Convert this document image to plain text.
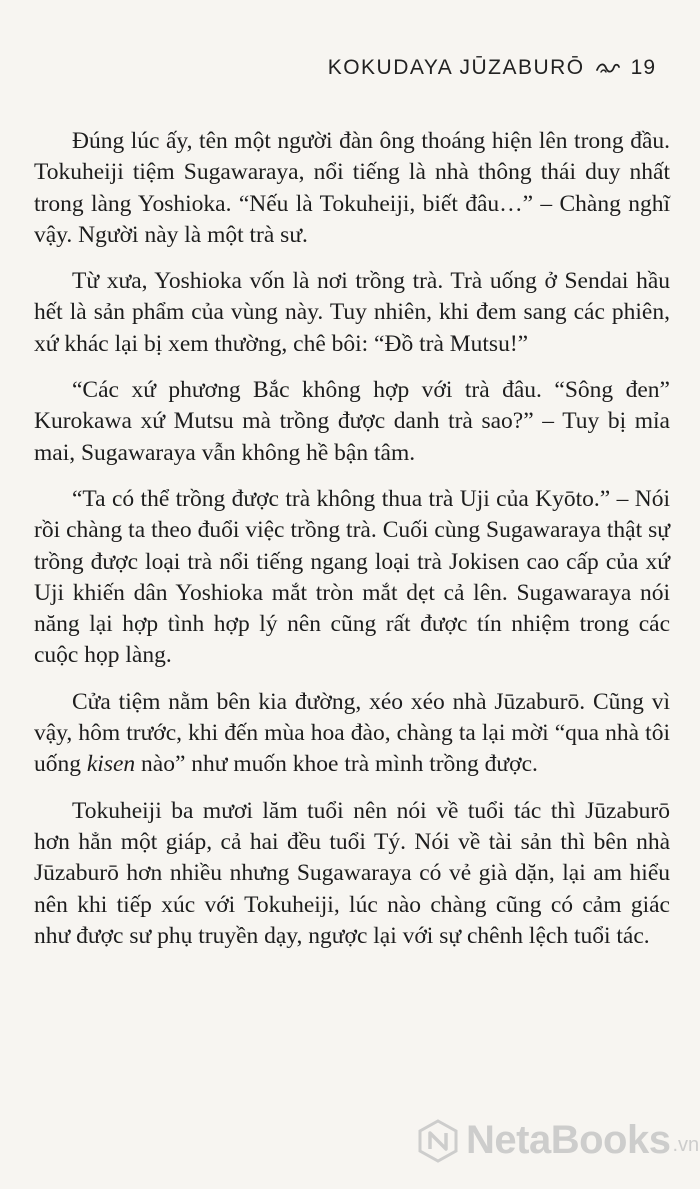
KOKUDAYA JŪZABURŌ 19

Đúng lúc ấy, tên một người đàn ông thoáng hiện lên trong đầu. Tokuheiji tiệm Sugawaraya, nổi tiếng là nhà thông thái duy nhất trong làng Yoshioka. “Nếu là Tokuheiji, biết đâu…” – Chàng nghĩ vậy. Người này là một trà sư.

Từ xưa, Yoshioka vốn là nơi trồng trà. Trà uống ở Sendai hầu hết là sản phẩm của vùng này. Tuy nhiên, khi đem sang các phiên, xứ khác lại bị xem thường, chê bôi: “Đồ trà Mutsu!”

“Các xứ phương Bắc không hợp với trà đâu. “Sông đen” Kurokawa xứ Mutsu mà trồng được danh trà sao?” – Tuy bị mỉa mai, Sugawaraya vẫn không hề bận tâm.

“Ta có thể trồng được trà không thua trà Uji của Kyōto.” – Nói rồi chàng ta theo đuổi việc trồng trà. Cuối cùng Sugawaraya thật sự trồng được loại trà nổi tiếng ngang loại trà Jokisen cao cấp của xứ Uji khiến dân Yoshioka mắt tròn mắt dẹt cả lên. Sugawaraya nói năng lại hợp tình hợp lý nên cũng rất được tín nhiệm trong các cuộc họp làng.

Cửa tiệm nằm bên kia đường, xéo xéo nhà Jūzaburō. Cũng vì vậy, hôm trước, khi đến mùa hoa đào, chàng ta lại mời “qua nhà tôi uống kisen nào” như muốn khoe trà mình trồng được.

Tokuheiji ba mươi lăm tuổi nên nói về tuổi tác thì Jūzaburō hơn hẳn một giáp, cả hai đều tuổi Tý. Nói về tài sản thì bên nhà Jūzaburō hơn nhiều nhưng Sugawaraya có vẻ già dặn, lại am hiểu nên khi tiếp xúc với Tokuheiji, lúc nào chàng cũng có cảm giác như được sư phụ truyền dạy, ngược lại với sự chênh lệch tuổi tác.

NetaBooks .vn
